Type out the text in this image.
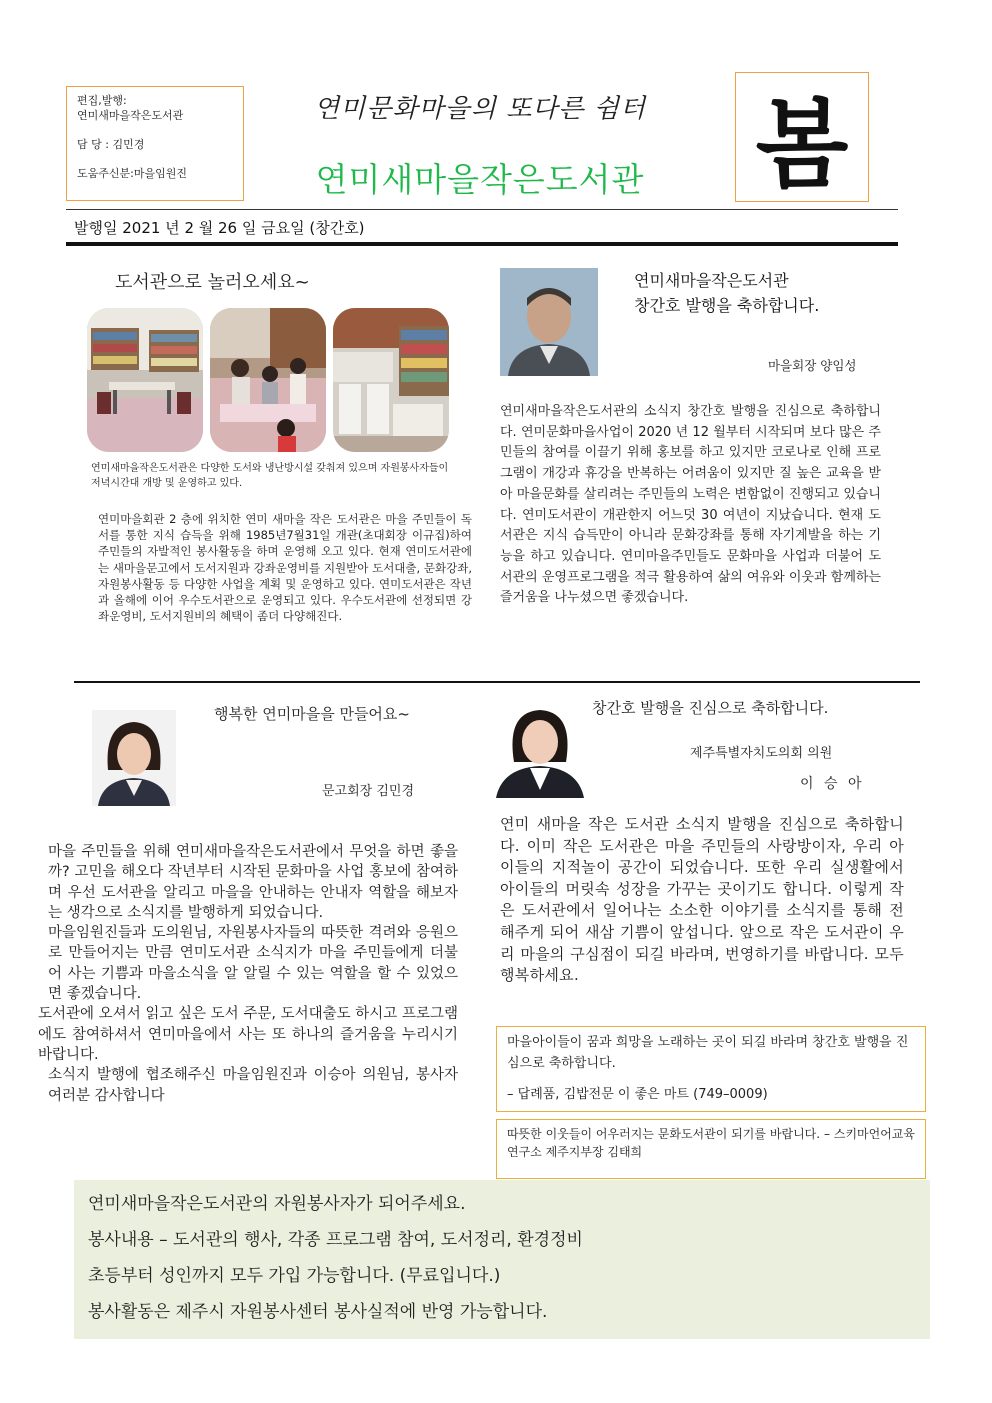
편집,발행:
연미새마을작은도서관
담 당 : 김민경
도움주신분:마을임원진
연미문화마을의 또다른 쉼터
연미새마을작은도서관 봄
발행일 2021 년 2 월 26 일 금요일 (창간호)
도서관으로 놀러오세요~
연미새마을작은도서관은 다양한 도서와 냉난방시설 갖춰져 있으며 자원봉사자들이 저녁시간대 개방 및 운영하고 있다.
연미마을회관 2 층에 위치한 연미 새마을 작은 도서관은 마을 주민들이 독서를 통한 지식 습득을 위해 1985년7월31일 개관(초대회장 이규집)하여 주민들의 자발적인 봉사활동을 하며 운영해 오고 있다. 현재 연미도서관에는 새마을문고에서 도서지원과 강좌운영비를 지원받아 도서대출, 문화강좌, 자원봉사활동 등 다양한 사업을 계획 및 운영하고 있다. 연미도서관은 작년과 올해에 이어 우수도서관으로 운영되고 있다. 우수도서관에 선정되면 강좌운영비, 도서지원비의 혜택이 좀더 다양해진다.
연미새마을작은도서관
창간호 발행을 축하합니다.
마을회장 양임성
연미새마을작은도서관의 소식지 창간호 발행을 진심으로 축하합니다. 연미문화마을사업이 2020 년 12 월부터 시작되며 보다 많은 주민들의 참여를 이끌기 위해 홍보를 하고 있지만 코로나로 인해 프로그램이 개강과 휴강을 반복하는 어려움이 있지만 질 높은 교육을 받아 마을문화를 살리려는 주민들의 노력은 변함없이 진행되고 있습니다. 연미도서관이 개관한지 어느덧 30 여년이 지났습니다. 현재 도서관은 지식 습득만이 아니라 문화강좌를 통해 자기계발을 하는 기능을 하고 있습니다. 연미마을주민들도 문화마을 사업과 더불어 도서관의 운영프로그램을 적극 활용하여 삶의 여유와 이웃과 함께하는 즐거움을 나누셨으면 좋겠습니다.
행복한 연미마을을 만들어요~
문고회장 김민경

마을 주민들을 위해 연미새마을작은도서관에서 무엇을 하면 좋을까? 고민을 해오다 작년부터 시작된 문화마을 사업 홍보에 참여하며 우선 도서관을 알리고 마을을 안내하는 안내자 역할을 해보자는 생각으로 소식지를 발행하게 되었습니다.

마을임원진들과 도의원님, 자원봉사자들의 따뜻한 격려와 응원으로 만들어지는 만큼 연미도서관 소식지가 마을 주민들에게 더불어 사는 기쁨과 마을소식을 알 알릴 수 있는 역할을 할 수 있었으면 좋겠습니다.

도서관에 오셔서 읽고 싶은 도서 주문, 도서대출도 하시고 프로그램에도 참여하셔서 연미마을에서 사는 또 하나의 즐거움을 누리시기 바랍니다.

소식지 발행에 협조해주신 마을임원진과 이승아 의원님, 봉사자 여러분 감사합니다

창간호 발행을 진심으로 축하합니다.
제주특별자치도의회 의원
이 승 아
연미 새마을 작은 도서관 소식지 발행을 진심으로 축하합니다. 이미 작은 도서관은 마을 주민들의 사랑방이자, 우리 아이들의 지적놀이 공간이 되었습니다. 또한 우리 실생활에서 아이들의 머릿속 성장을 가꾸는 곳이기도 합니다. 이렇게 작은 도서관에서 일어나는 소소한 이야기를 소식지를 통해 전해주게 되어 새삼 기쁨이 앞섭니다. 앞으로 작은 도서관이 우리 마을의 구심점이 되길 바라며, 번영하기를 바랍니다. 모두 행복하세요.
마을아이들이 꿈과 희망을 노래하는 곳이 되길 바라며 창간호 발행을 진심으로 축하합니다.
– 답례품, 김밥전문 이 좋은 마트 (749–0009)
따뜻한 이웃들이 어우러지는 문화도서관이 되기를 바랍니다. – 스키마언어교육연구소 제주지부장 김태희
연미새마을작은도서관의 자원봉사자가 되어주세요.
봉사내용 – 도서관의 행사, 각종 프로그램 참여, 도서정리, 환경정비
초등부터 성인까지 모두 가입 가능합니다. (무료입니다.)
봉사활동은 제주시 자원봉사센터 봉사실적에 반영 가능합니다.
